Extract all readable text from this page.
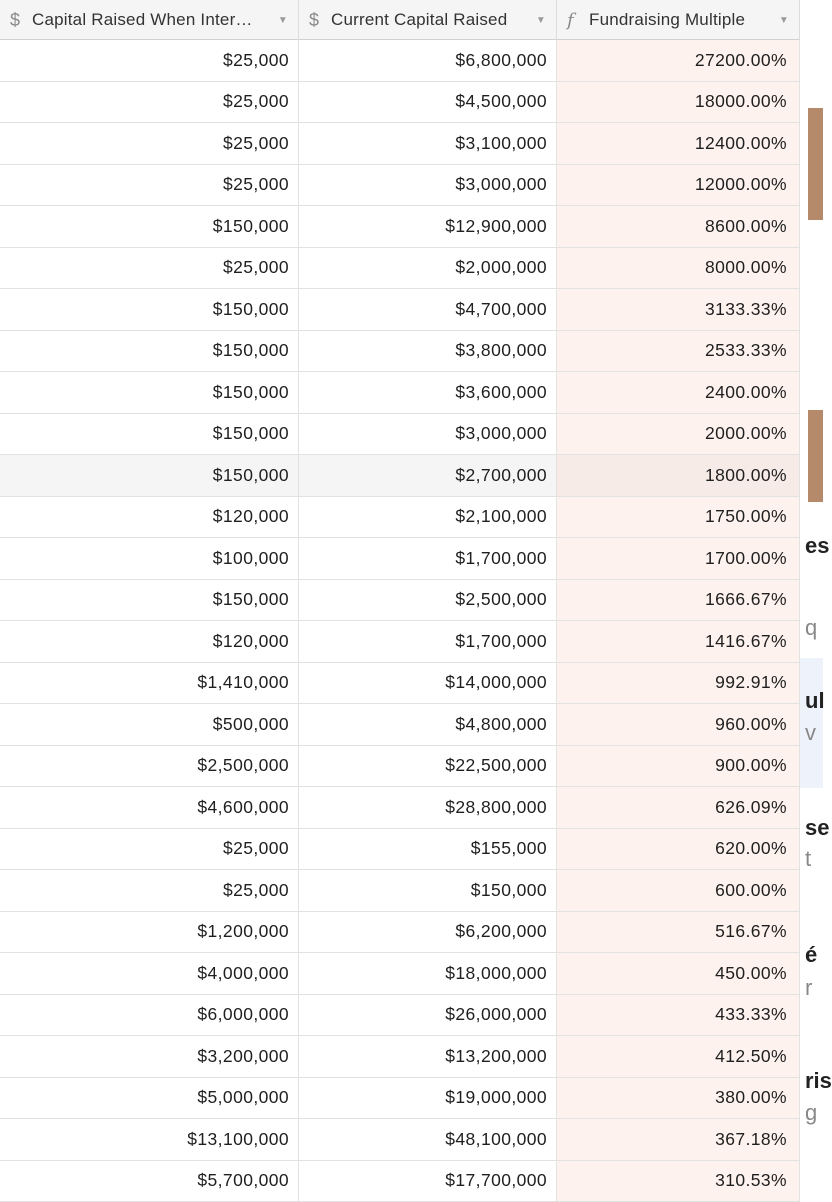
$ Capital Raised When Inter…	▼ $ Current Capital Raised	▼ f Fundraising Multiple	▼
$25,000	$6,800,000	27200.00%
$25,000	$4,500,000	18000.00%
$25,000	$3,100,000	12400.00%
$25,000	$3,000,000	12000.00%
$150,000	$12,900,000	8600.00%
$25,000	$2,000,000	8000.00%
$150,000	$4,700,000	3133.33%
$150,000	$3,800,000	2533.33%
$150,000	$3,600,000	2400.00%
$150,000	$3,000,000	2000.00%
$150,000	$2,700,000	1800.00%
$120,000	$2,100,000	1750.00%
$100,000	$1,700,000	1700.00%
$150,000	$2,500,000	1666.67%
$120,000	$1,700,000	1416.67%
$1,410,000	$14,000,000	992.91%
$500,000	$4,800,000	960.00%
$2,500,000	$22,500,000	900.00%
$4,600,000	$28,800,000	626.09%
$25,000	$155,000	620.00%
$25,000	$150,000	600.00%
$1,200,000	$6,200,000	516.67%
$4,000,000	$18,000,000	450.00%
$6,000,000	$26,000,000	433.33%
$3,200,000	$13,200,000	412.50%
$5,000,000	$19,000,000	380.00%
$13,100,000	$48,100,000	367.18%
$5,700,000	$17,700,000	310.53%
es
q
ul
v
se
t
é
r
ris
g
